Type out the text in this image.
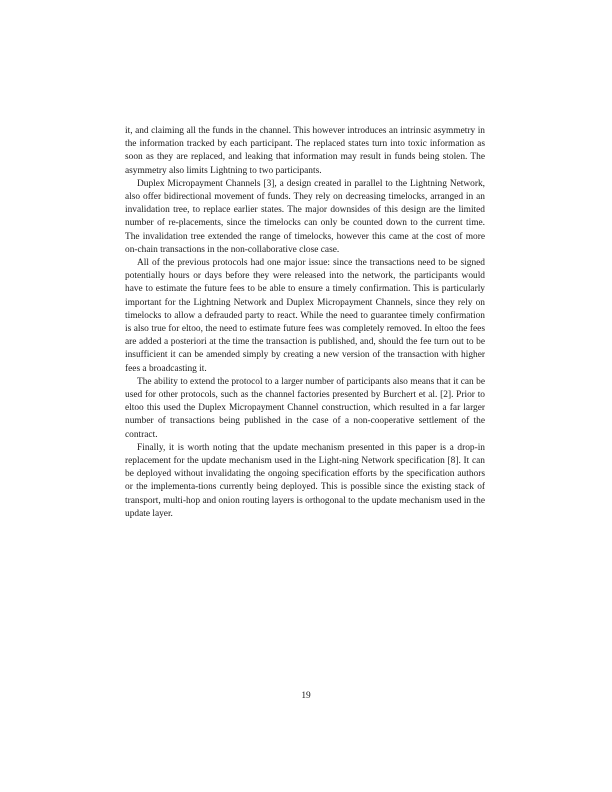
it, and claiming all the funds in the channel. This however introduces an intrinsic asymmetry in the information tracked by each participant. The replaced states turn into toxic information as soon as they are replaced, and leaking that information may result in funds being stolen. The asymmetry also limits Lightning to two participants.

Duplex Micropayment Channels [3], a design created in parallel to the Lightning Network, also offer bidirectional movement of funds. They rely on decreasing timelocks, arranged in an invalidation tree, to replace earlier states. The major downsides of this design are the limited number of re-placements, since the timelocks can only be counted down to the current time. The invalidation tree extended the range of timelocks, however this came at the cost of more on-chain transactions in the non-collaborative close case.

All of the previous protocols had one major issue: since the transactions need to be signed potentially hours or days before they were released into the network, the participants would have to estimate the future fees to be able to ensure a timely confirmation. This is particularly important for the Lightning Network and Duplex Micropayment Channels, since they rely on timelocks to allow a defrauded party to react. While the need to guarantee timely confirmation is also true for eltoo, the need to estimate future fees was completely removed. In eltoo the fees are added a posteriori at the time the transaction is published, and, should the fee turn out to be insufficient it can be amended simply by creating a new version of the transaction with higher fees a broadcasting it.

The ability to extend the protocol to a larger number of participants also means that it can be used for other protocols, such as the channel factories presented by Burchert et al. [2]. Prior to eltoo this used the Duplex Micropayment Channel construction, which resulted in a far larger number of transactions being published in the case of a non-cooperative settlement of the contract.

Finally, it is worth noting that the update mechanism presented in this paper is a drop-in replacement for the update mechanism used in the Light-ning Network specification [8]. It can be deployed without invalidating the ongoing specification efforts by the specification authors or the implementa-tions currently being deployed. This is possible since the existing stack of transport, multi-hop and onion routing layers is orthogonal to the update mechanism used in the update layer.

19
